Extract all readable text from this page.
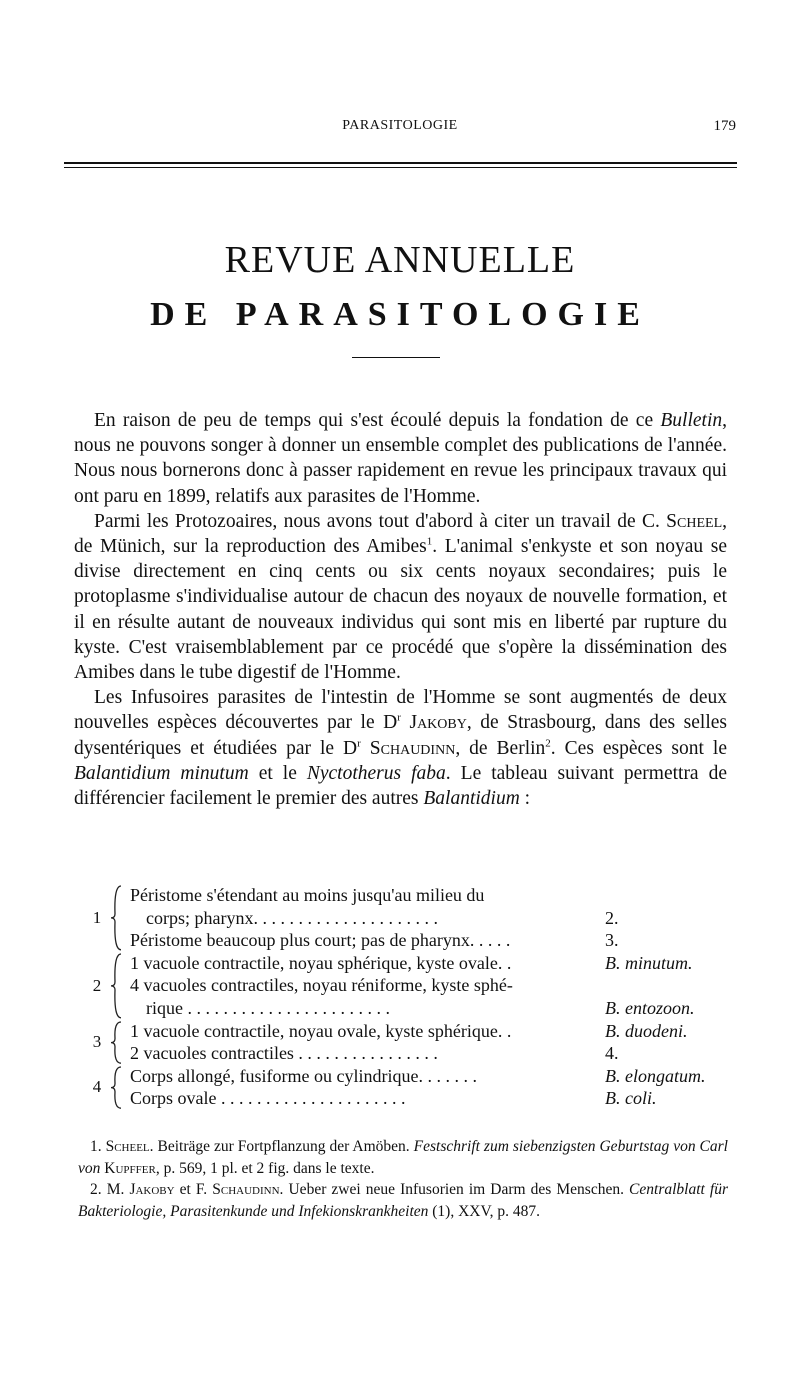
PARASITOLOGIE	179
REVUE ANNUELLE
DE PARASITOLOGIE

En raison de peu de temps qui s'est écoulé depuis la fondation de ce Bulletin, nous ne pouvons songer à donner un ensemble complet des publications de l'année. Nous nous bornerons donc à passer rapidement en revue les principaux travaux qui ont paru en 1899, relatifs aux parasites de l'Homme.

Parmi les Protozoaires, nous avons tout d'abord à citer un travail de C. Scheel, de Münich, sur la reproduction des Amibes$^1$. L'animal s'enkyste et son noyau se divise directement en cinq cents ou six cents noyaux secondaires; puis le protoplasme s'individualise autour de chacun des noyaux de nouvelle formation, et il en résulte autant de nouveaux individus qui sont mis en liberté par rupture du kyste. C'est vraisemblablement par ce procédé que s'opère la dissémination des Amibes dans le tube digestif de l'Homme.

Les Infusoires parasites de l'intestin de l'Homme se sont augmentés de deux nouvelles espèces découvertes par le $D^r$ Jakoby, de Strasbourg, dans des selles dysentériques et étudiées par le $D^r$ Schaudinn, de Berlin$^2$. Ces espèces sont le Balantidium minutum et le Nyctotherus faba. Le tableau suivant permettra de différencier facilement le premier des autres Balantidium :

1
Péristome s'étendant au moins jusqu'au milieu du
corps; pharynx. . . . . . . . . . . . . . . . . . . . .	2.
Péristome beaucoup plus court; pas de pharynx. . . . .	3.
2
1 vacuole contractile, noyau sphérique, kyste ovale. .	B. minutum.
4 vacuoles contractiles, noyau réniforme, kyste sphé-
rique . . . . . . . . . . . . . . . . . . . . . . .	B. entozoon.
3
1 vacuole contractile, noyau ovale, kyste sphérique. .	B. duodeni.
2 vacuoles contractiles . . . . . . . . . . . . . . . .	4.
4
Corps allongé, fusiforme ou cylindrique. . . . . . .	B. elongatum.
Corps ovale . . . . . . . . . . . . . . . . . . . . .	B. coli.

1. Scheel. Beiträge zur Fortpflanzung der Amöben. Festschrift zum siebenzigsten Geburtstag von Carl von Kupffer, p. 569, 1 pl. et 2 fig. dans le texte.

2. M. Jakoby et F. Schaudinn. Ueber zwei neue Infusorien im Darm des Menschen. Centralblatt für Bakteriologie, Parasitenkunde und Infekionskrankheiten (1), XXV, p. 487.
